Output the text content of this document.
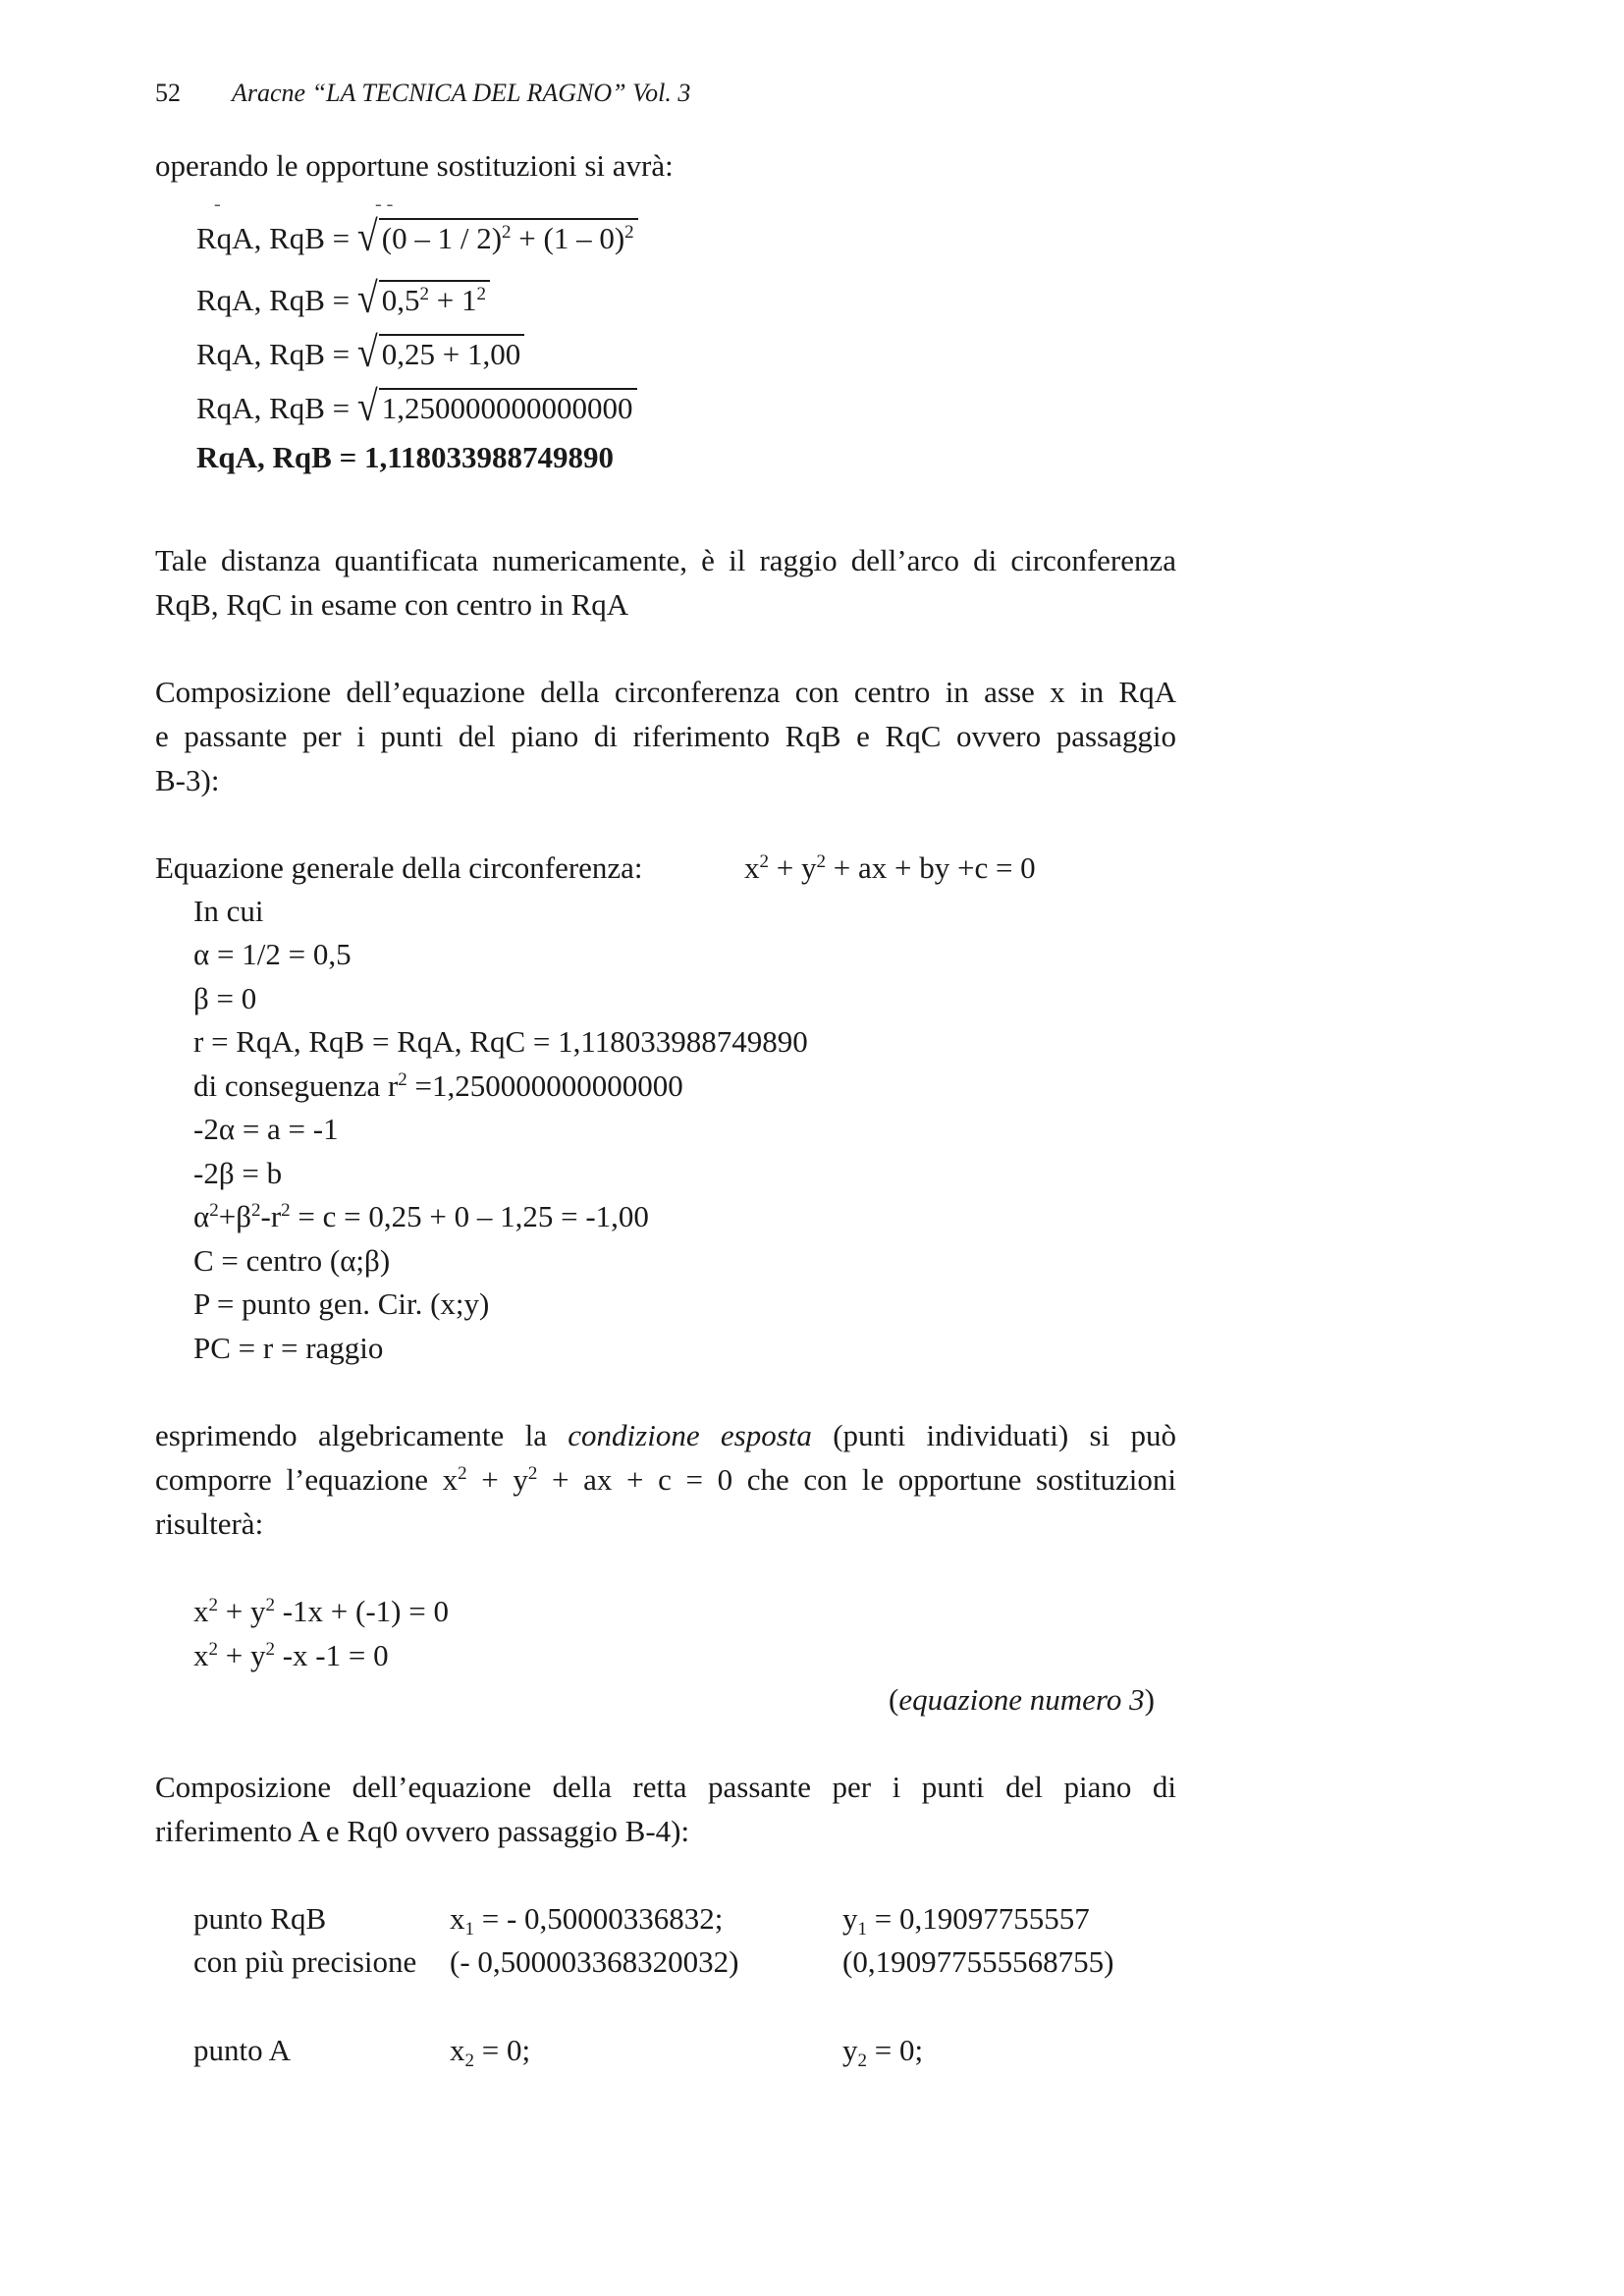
52 Aracne “LA TECNICA DEL RAGNO” Vol. 3
operando le opportune sostituzioni si avrà:
-	- -
RqA, RqB = √ (0 – 1 / 2)$^2$ + (1 – 0)$^2$
RqA, RqB = √ $0,5^2 + 1^2$
RqA, RqB = √ 0,25 + 1,00
RqA, RqB = √ 1,250000000000000
RqA, RqB = 1,118033988749890
Tale distanza quantificata numericamente, è il raggio dell’arco di circonferenza
RqB, RqC in esame con centro in RqA
Composizione dell’equazione della circonferenza con centro in asse x in RqA
e passante per i punti del piano di riferimento RqB e RqC ovvero passaggio
B-3):
Equazione generale della circonferenza:	$x^2 + y^2$ + ax + by +c = 0
In cui
α = 1/2 = 0,5
β = 0
r = RqA, RqB = RqA, RqC = 1,118033988749890
di conseguenza $r^2 =1,250000000000000$
-2α = a = -1
-2β = b
$\alpha^2+\beta^2-r^2 = c = 0,25 + 0 - 1,25 = -1,00$
C = centro (α;β)
P = punto gen. Cir. (x;y)
PC = r = raggio
esprimendo algebricamente la condizione esposta (punti individuati) si può
comporre l’equazione $x^2 + y^2$ + ax + c = 0 che con le opportune sostituzioni
risulterà:
$x^2 + y^2$ -1x + (-1) = 0
$x^2 + y^2$ -x -1 = 0
(equazione numero 3)
Composizione dell’equazione della retta passante per i punti del piano di
riferimento A e Rq0 ovvero passaggio B-4):
punto RqB	$x_1$ = - 0,50000336832;	$y_1 = 0,19097755557$
con più precisione (- 0,500003368320032)	(0,190977555568755)
punto A	$x_2 = 0$;	$y_2 = 0$;
